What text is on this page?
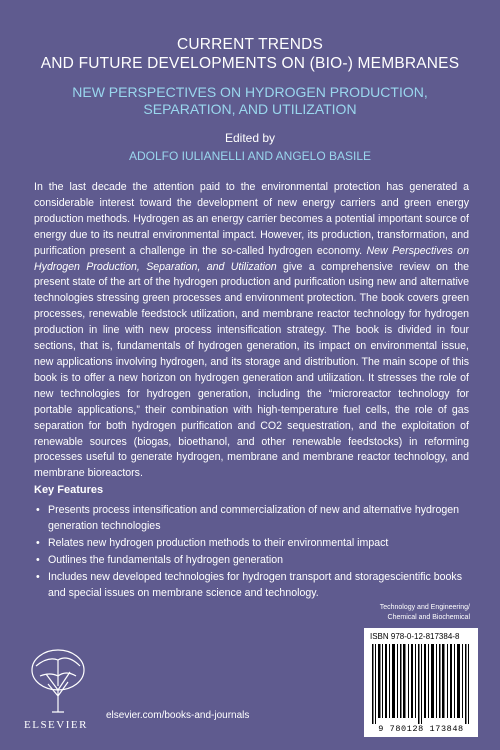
CURRENT TRENDS
AND FUTURE DEVELOPMENTS ON (BIO-) MEMBRANES
NEW PERSPECTIVES ON HYDROGEN PRODUCTION,
SEPARATION, AND UTILIZATION
Edited by
ADOLFO IULIANELLI AND ANGELO BASILE

In the last decade the attention paid to the environmental protection has generated a considerable interest toward the development of new energy carriers and green energy production methods. Hydrogen as an energy carrier becomes a potential important source of energy due to its neutral environmental impact. However, its production, transformation, and purification present a challenge in the so-called hydrogen economy. New Perspectives on Hydrogen Production, Separation, and Utilization give a comprehensive review on the present state of the art of the hydrogen production and purification using new and alternative technologies stressing green processes and environment protection. The book covers green processes, renewable feedstock utilization, and membrane reactor technology for hydrogen production in line with new process intensification strategy. The book is divided in four sections, that is, fundamentals of hydrogen generation, its impact on environmental issue, new applications involving hydrogen, and its storage and distribution. The main scope of this book is to offer a new horizon on hydrogen generation and utilization. It stresses the role of new technologies for hydrogen generation, including the “microreactor technology for portable applications,” their combination with high-temperature fuel cells, the role of gas separation for both hydrogen purification and CO2 sequestration, and the exploitation of renewable sources (biogas, bioethanol, and other renewable feedstocks) in reforming processes useful to generate hydrogen, membrane and membrane reactor technology, and membrane bioreactors.

Key Features
• Presents process intensification and commercialization of new and alternative hydrogen generation technologies
• Relates new hydrogen production methods to their environmental impact
• Outlines the fundamentals of hydrogen generation
• Includes new developed technologies for hydrogen transport and storagescientific books and special issues on membrane science and technology.
Technology and Engineering/
Chemical and Biochemical
ISBN 978-0-12-817384-8
9 780128 173848
ELSEVIER
elsevier.com/books-and-journals
